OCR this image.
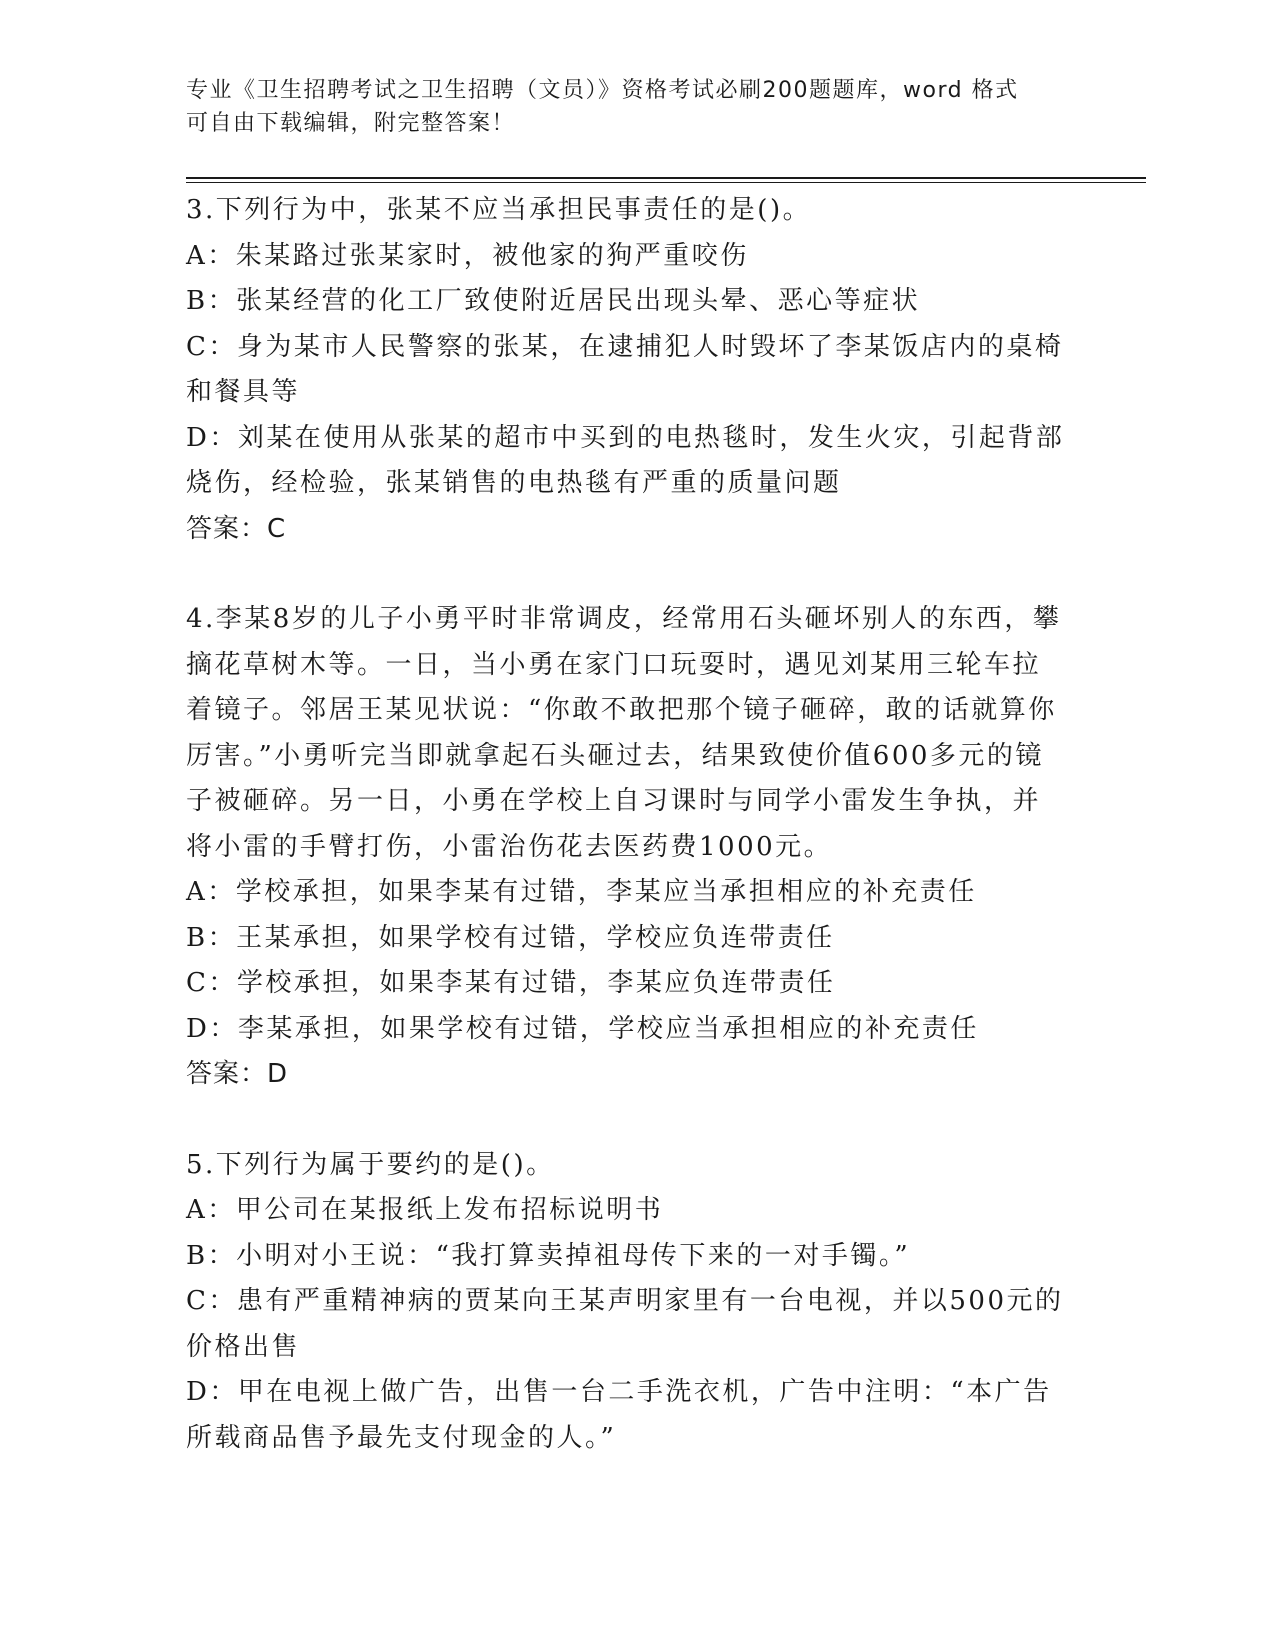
专业《卫生招聘考试之卫生招聘（文员）》资格考试必刷200题题库，word 格式
可自由下载编辑，附完整答案！

3.下列行为中，张某不应当承担民事责任的是()。

A：朱某路过张某家时，被他家的狗严重咬伤

B：张某经营的化工厂致使附近居民出现头晕、恶心等症状

C：身为某市人民警察的张某，在逮捕犯人时毁坏了李某饭店内的桌椅和餐具等

D：刘某在使用从张某的超市中买到的电热毯时，发生火灾，引起背部烧伤，经检验，张某销售的电热毯有严重的质量问题

答案：C

4.李某8岁的儿子小勇平时非常调皮，经常用石头砸坏别人的东西，攀摘花草树木等。一日，当小勇在家门口玩耍时，遇见刘某用三轮车拉着镜子。邻居王某见状说：“你敢不敢把那个镜子砸碎，敢的话就算你厉害。”小勇听完当即就拿起石头砸过去，结果致使价值600多元的镜子被砸碎。另一日，小勇在学校上自习课时与同学小雷发生争执，并将小雷的手臂打伤，小雷治伤花去医药费1000元。

A：学校承担，如果李某有过错，李某应当承担相应的补充责任

B：王某承担，如果学校有过错，学校应负连带责任

C：学校承担，如果李某有过错，李某应负连带责任

D：李某承担，如果学校有过错，学校应当承担相应的补充责任

答案：D

5.下列行为属于要约的是()。

A：甲公司在某报纸上发布招标说明书

B：小明对小王说：“我打算卖掉祖母传下来的一对手镯。”

C：患有严重精神病的贾某向王某声明家里有一台电视，并以500元的价格出售

D：甲在电视上做广告，出售一台二手洗衣机，广告中注明：“本广告所载商品售予最先支付现金的人。”
